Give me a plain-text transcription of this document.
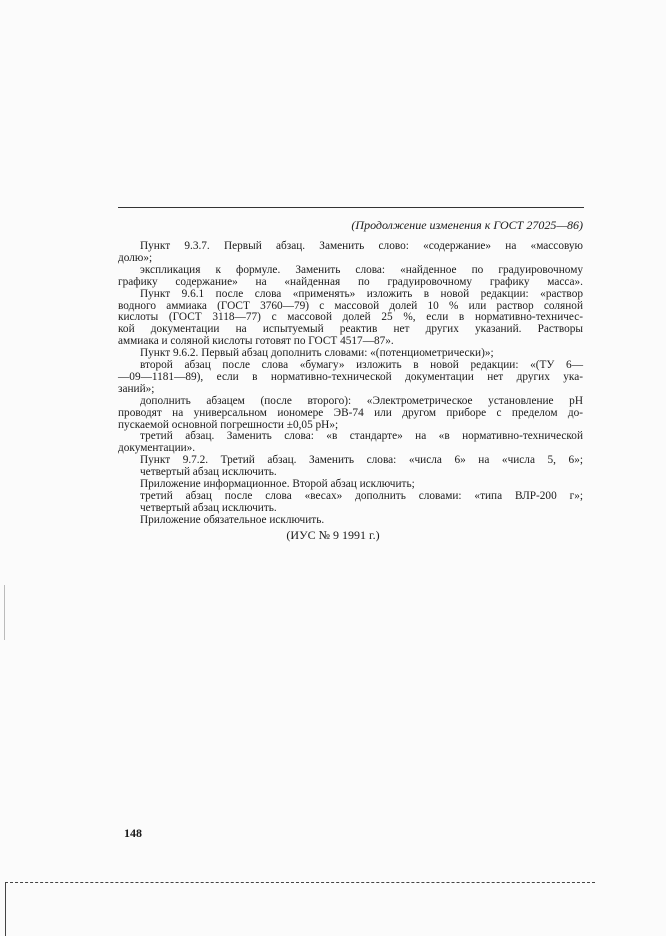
(Продолжение изменения к ГОСТ 27025—86)
Пункт 9.3.7. Первый абзац. Заменить слово: «содержание» на «массовую
долю»;
экспликация к формуле. Заменить слова: «найденное по градуировочному
графику содержание» на «найденная по градуировочному графику масса».
Пункт 9.6.1 после слова «применять» изложить в новой редакции: «раствор
водного аммиака (ГОСТ 3760—79) с массовой долей 10 % или раствор соляной
кислоты (ГОСТ 3118—77) с массовой долей 25 %, если в нормативно-техничес-
кой документации на испытуемый реактив нет других указаний. Растворы
аммиака и соляной кислоты готовят по ГОСТ 4517—87».
Пункт 9.6.2. Первый абзац дополнить словами: «(потенциометрически)»;
второй абзац после слова «бумагу» изложить в новой редакции: «(ТУ 6—
—09—1181—89), если в нормативно-технической документации нет других ука-
заний»;
дополнить абзацем (после второго): «Электрометрическое установление pH
проводят на универсальном иономере ЭВ-74 или другом приборе с пределом до-
пускаемой основной погрешности ±0,05 pH»;
третий абзац. Заменить слова: «в стандарте» на «в нормативно-технической
документации».
Пункт 9.7.2. Третий абзац. Заменить слова: «числа 6» на «числа 5, 6»;
четвертый абзац исключить.
Приложение информационное. Второй абзац исключить;
третий абзац после слова «весах» дополнить словами: «типа ВЛР-200 г»;
четвертый абзац исключить.
Приложение обязательное исключить.
(ИУС № 9 1991 г.)
148
